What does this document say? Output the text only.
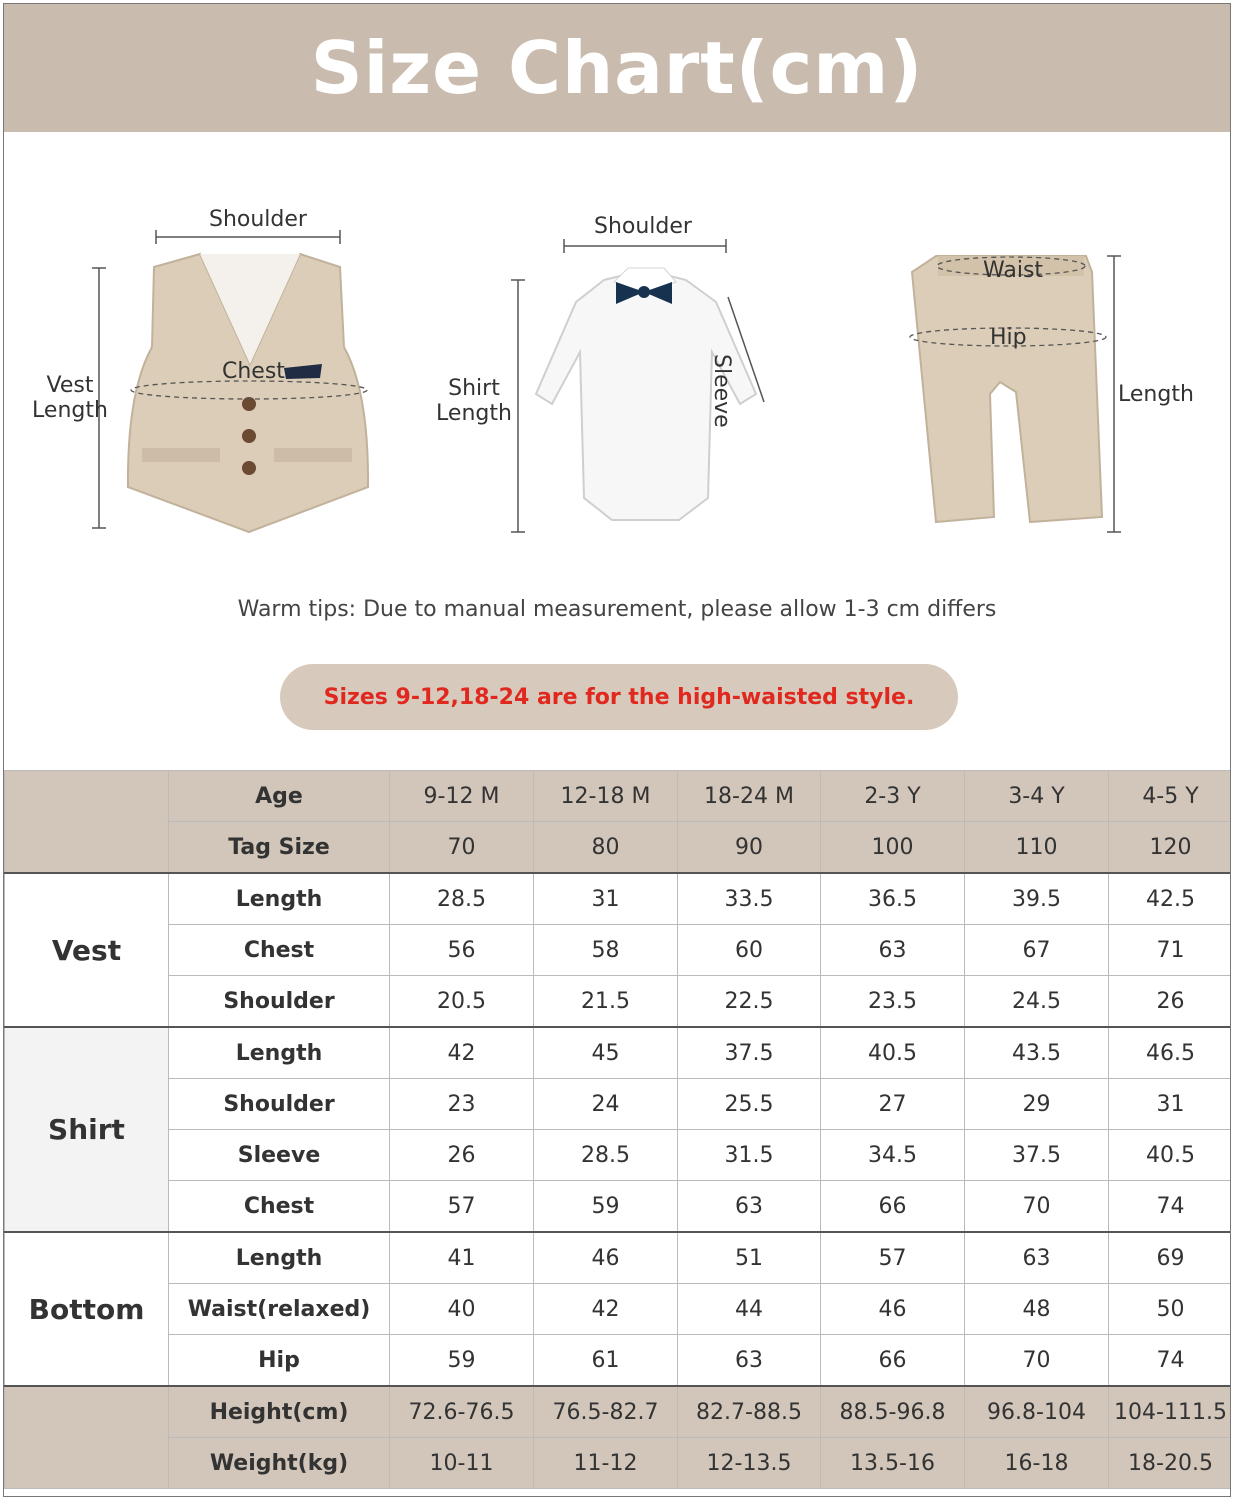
Size Chart(cm)
Shoulder
Chest
Vest Length
Shoulder
Sleeve
Shirt Length
Waist
Hip
Length
Warm tips: Due to manual measurement, please allow 1-3 cm differs
Sizes 9-12,18-24 are for the high-waisted style.
	Age	9-12 M	12-18 M	18-24 M	2-3 Y	3-4 Y	4-5 Y
	Tag Size	70	80	90	100	110	120
Vest	Length	28.5	31	33.5	36.5	39.5	42.5
	Chest	56	58	60	63	67	71
	Shoulder	20.5	21.5	22.5	23.5	24.5	26
Shirt	Length	42	45	37.5	40.5	43.5	46.5
	Shoulder	23	24	25.5	27	29	31
	Sleeve	26	28.5	31.5	34.5	37.5	40.5
	Chest	57	59	63	66	70	74
Bottom	Length	41	46	51	57	63	69
	Waist(relaxed)	40	42	44	46	48	50
	Hip	59	61	63	66	70	74
	Height(cm)	72.6-76.5	76.5-82.7	82.7-88.5	88.5-96.8	96.8-104	104-111.5
	Weight(kg)	10-11	11-12	12-13.5	13.5-16	16-18	18-20.5
